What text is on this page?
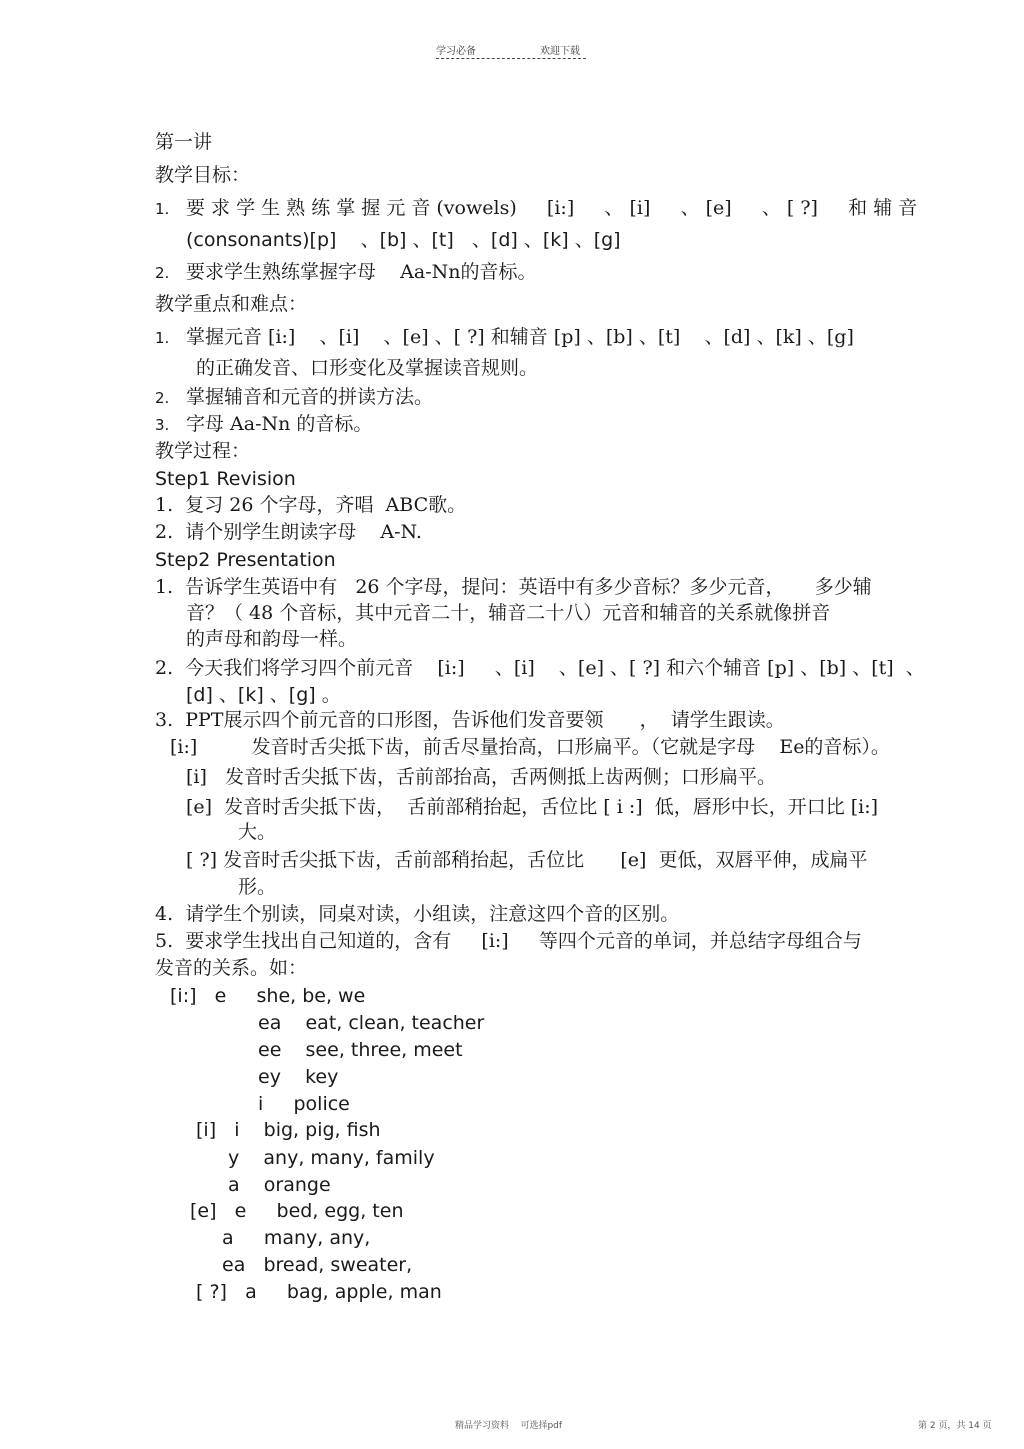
学习必备	欢迎下载
第一讲
教学目标：
1. 要 求 学 生 熟 练 掌 握 元 音 (vowels)     [i:]     、 [i]     、 [e]     、 [ ?]     和 辅 音
(consonants)[p]    、[b] 、[t]   、[d] 、[k] 、[g]
2. 要求学生熟练掌握字母    Aa-Nn的音标。
教学重点和难点：
1. 掌握元音 [i:]    、[i]    、[e] 、[ ?] 和辅音 [p] 、[b] 、[t]    、[d] 、[k] 、[g]
的正确发音、口形变化及掌握读音规则。
2. 掌握辅音和元音的拼读方法。
3. 字母 Aa-Nn 的音标。
教学过程：
Step1 Revision
1.  复习 26 个字母，齐唱  ABC歌。
2.  请个别学生朗读字母    A-N.
Step2 Presentation
1.  告诉学生英语中有   26 个字母，提问：英语中有多少音标？多少元音，     多少辅
音？（ 48 个音标，其中元音二十，辅音二十八）元音和辅音的关系就像拼音
的声母和韵母一样。
2.  今天我们将学习四个前元音    [i:]     、[i]    、[e] 、[ ?] 和六个辅音 [p] 、[b] 、[t]  、
[d] 、[k] 、[g] 。
3.  PPT展示四个前元音的口形图，告诉他们发音要领      ，  请学生跟读。
[i:]         发音时舌尖抵下齿，前舌尽量抬高，口形扁平。（它就是字母    Ee的音标）。
[i]   发音时舌尖抵下齿，舌前部抬高，舌两侧抵上齿两侧；口形扁平。
[e]  发音时舌尖抵下齿，  舌前部稍抬起，舌位比 [ i :]  低，唇形中长，开口比 [i:]
大。
[ ?] 发音时舌尖抵下齿，舌前部稍抬起，舌位比      [e]  更低，双唇平伸，成扁平
形。
4.  请学生个别读，同桌对读，小组读，注意这四个音的区别。
5.  要求学生找出自己知道的，含有     [i:]     等四个元音的单词，并总结字母组合与
发音的关系。如：
[i:]   e     she, be, we
ea    eat, clean, teacher
ee    see, three, meet
ey    key
i     police
[i]   i    big, pig, fish
y    any, many, family
a    orange
[e]   e     bed, egg, ten
a     many, any,
ea   bread, sweater,
[ ?]   a     bag, apple, man
精品学习资料    可选择pdf	第 2 页，共 14 页
